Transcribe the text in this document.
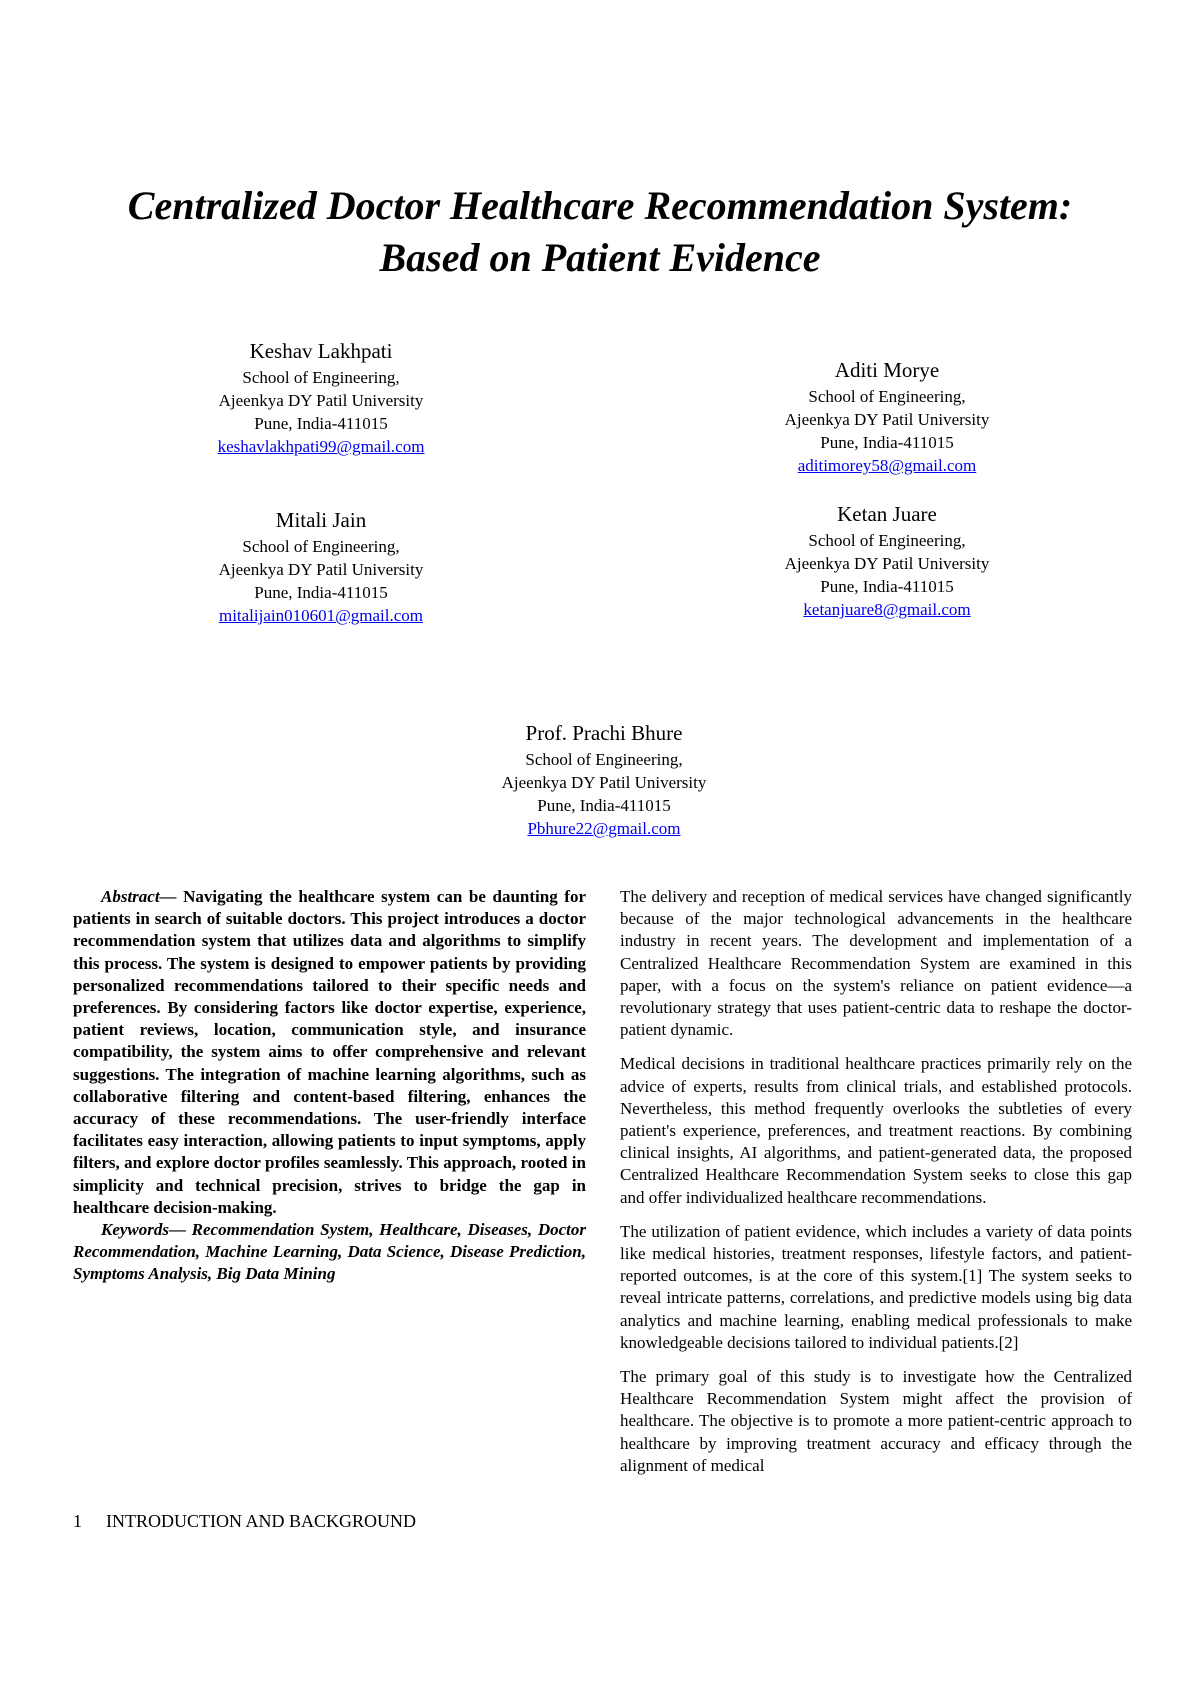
Centralized Doctor Healthcare Recommendation System:
Based on Patient Evidence
Keshav Lakhpati
School of Engineering,
Ajeenkya DY Patil University
Pune, India-411015
keshavlakhpati99@gmail.com
Aditi Morye
School of Engineering,
Ajeenkya DY Patil University
Pune, India-411015
aditimorey58@gmail.com
Mitali Jain
School of Engineering,
Ajeenkya DY Patil University
Pune, India-411015
mitalijain010601@gmail.com
Ketan Juare
School of Engineering,
Ajeenkya DY Patil University
Pune, India-411015
ketanjuare8@gmail.com
Prof. Prachi Bhure
School of Engineering,
Ajeenkya DY Patil University
Pune, India-411015
Pbhure22@gmail.com

Abstract— Navigating the healthcare system can be daunting for patients in search of suitable doctors. This project introduces a doctor recommendation system that utilizes data and algorithms to simplify this process. The system is designed to empower patients by providing personalized recommendations tailored to their specific needs and preferences. By considering factors like doctor expertise, experience, patient reviews, location, communication style, and insurance compatibility, the system aims to offer comprehensive and relevant suggestions. The integration of machine learning algorithms, such as collaborative filtering and content-based filtering, enhances the accuracy of these recommendations. The user-friendly interface facilitates easy interaction, allowing patients to input symptoms, apply filters, and explore doctor profiles seamlessly. This approach, rooted in simplicity and technical precision, strives to bridge the gap in healthcare decision-making.

Keywords— Recommendation System, Healthcare, Diseases, Doctor Recommendation, Machine Learning, Data Science, Disease Prediction, Symptoms Analysis, Big Data Mining

1 INTRODUCTION AND BACKGROUND

The delivery and reception of medical services have changed significantly because of the major technological advancements in the healthcare industry in recent years. The development and implementation of a Centralized Healthcare Recommendation System are examined in this paper, with a focus on the system's reliance on patient evidence—a revolutionary strategy that uses patient-centric data to reshape the doctor-patient dynamic.

Medical decisions in traditional healthcare practices primarily rely on the advice of experts, results from clinical trials, and established protocols. Nevertheless, this method frequently overlooks the subtleties of every patient's experience, preferences, and treatment reactions. By combining clinical insights, AI algorithms, and patient-generated data, the proposed Centralized Healthcare Recommendation System seeks to close this gap and offer individualized healthcare recommendations.

The utilization of patient evidence, which includes a variety of data points like medical histories, treatment responses, lifestyle factors, and patient-reported outcomes, is at the core of this system.[1] The system seeks to reveal intricate patterns, correlations, and predictive models using big data analytics and machine learning, enabling medical professionals to make knowledgeable decisions tailored to individual patients.[2]

The primary goal of this study is to investigate how the Centralized Healthcare Recommendation System might affect the provision of healthcare. The objective is to promote a more patient-centric approach to healthcare by improving treatment accuracy and efficacy through the alignment of medical
